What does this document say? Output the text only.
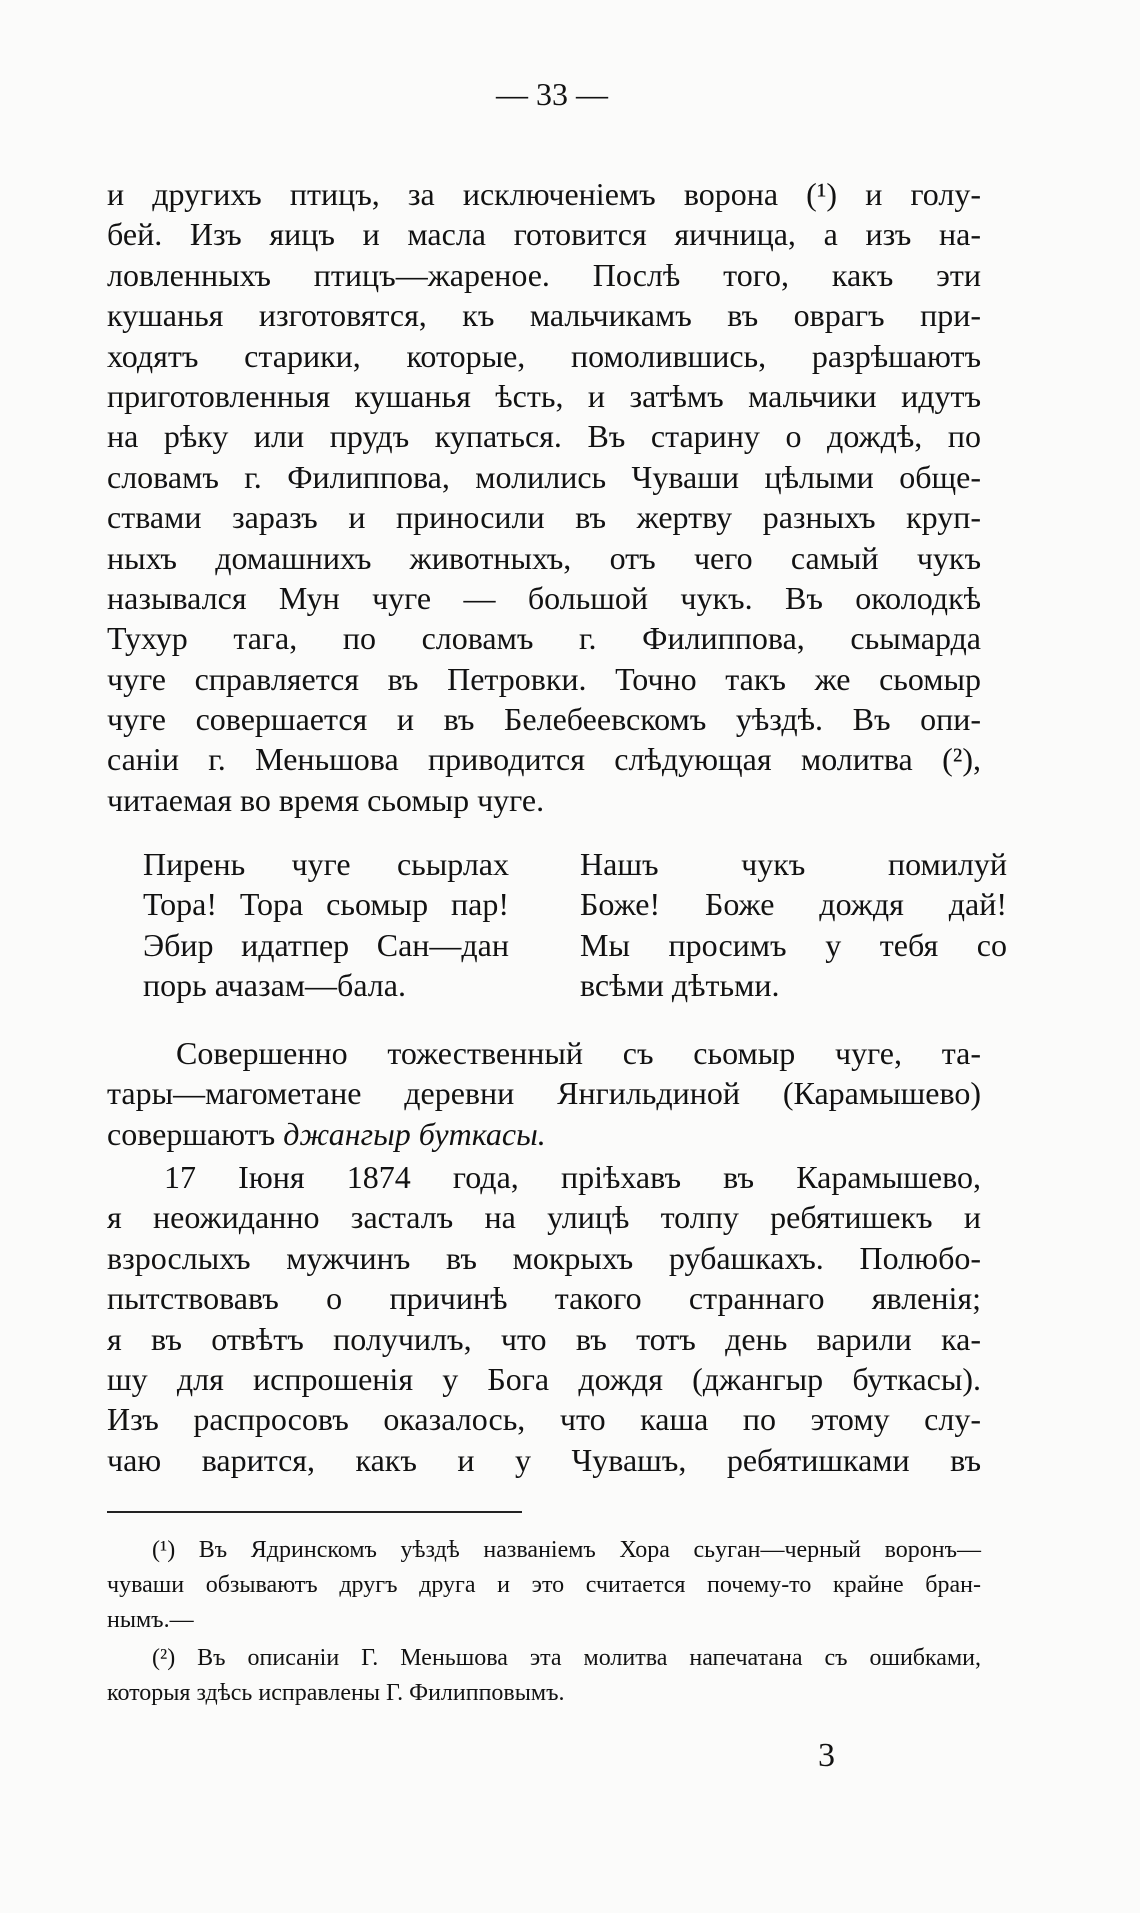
— 33 —
и другихъ птицъ, за исключеніемъ ворона (¹) и голу-
бей. Изъ яицъ и масла готовится яичница, а изъ на-
ловленныхъ птицъ—жареное. Послѣ того, какъ эти
кушанья изготовятся, къ мальчикамъ въ оврагъ при-
ходятъ старики, которые, помолившись, разрѣшаютъ
приготовленныя кушанья ѣсть, и затѣмъ мальчики идутъ
на рѣку или прудъ купаться. Въ старину о дождѣ, по
словамъ г. Филиппова, молились Чуваши цѣлыми обще-
ствами заразъ и приносили въ жертву разныхъ круп-
ныхъ домашнихъ животныхъ, отъ чего самый чукъ
назывался Мун чуге — большой чукъ. Въ околодкѣ
Тухур тага, по словамъ г. Филиппова, сьымарда
чуге справляется въ Петровки. Точно такъ же сьомыр
чуге совершается и въ Белебеевскомъ уѣздѣ. Въ опи-
саніи г. Меньшова приводится слѣдующая молитва (²),
читаемая во время сьомыр чуге.
Пирень чуге сьырлах
Тора! Тора сьомыр пар!
Эбир идатпер Сан—дан
порь ачазам—бала.
Нашъ чукъ помилуй
Боже! Боже дождя дай!
Мы просимъ у тебя со
всѣми дѣтьми.
Совершенно тожественный съ сьомыр чуге, та-
тары—магометане деревни Янгильдиной (Карамышево)
совершаютъ джангыр буткасы.
17 Іюня 1874 года, пріѣхавъ въ Карамышево,
я неожиданно засталъ на улицѣ толпу ребятишекъ и
взрослыхъ мужчинъ въ мокрыхъ рубашкахъ. Полюбо-
пытствовавъ о причинѣ такого страннаго явленія;
я въ отвѣтъ получилъ, что въ тотъ день варили ка-
шу для испрошенія у Бога дождя (джангыр буткасы).
Изъ распросовъ оказалось, что каша по этому слу-
чаю варится, какъ и у Чувашъ, ребятишками въ
(¹) Въ Ядринскомъ уѣздѣ названіемъ Хора сьуган—черный воронъ—
чуваши обзываютъ другъ друга и это считается почему-то крайне бран-
нымъ.—
(²) Въ описаніи Г. Меньшова эта молитва напечатана съ ошибками,
которыя здѣсь исправлены Г. Филипповымъ.
3
